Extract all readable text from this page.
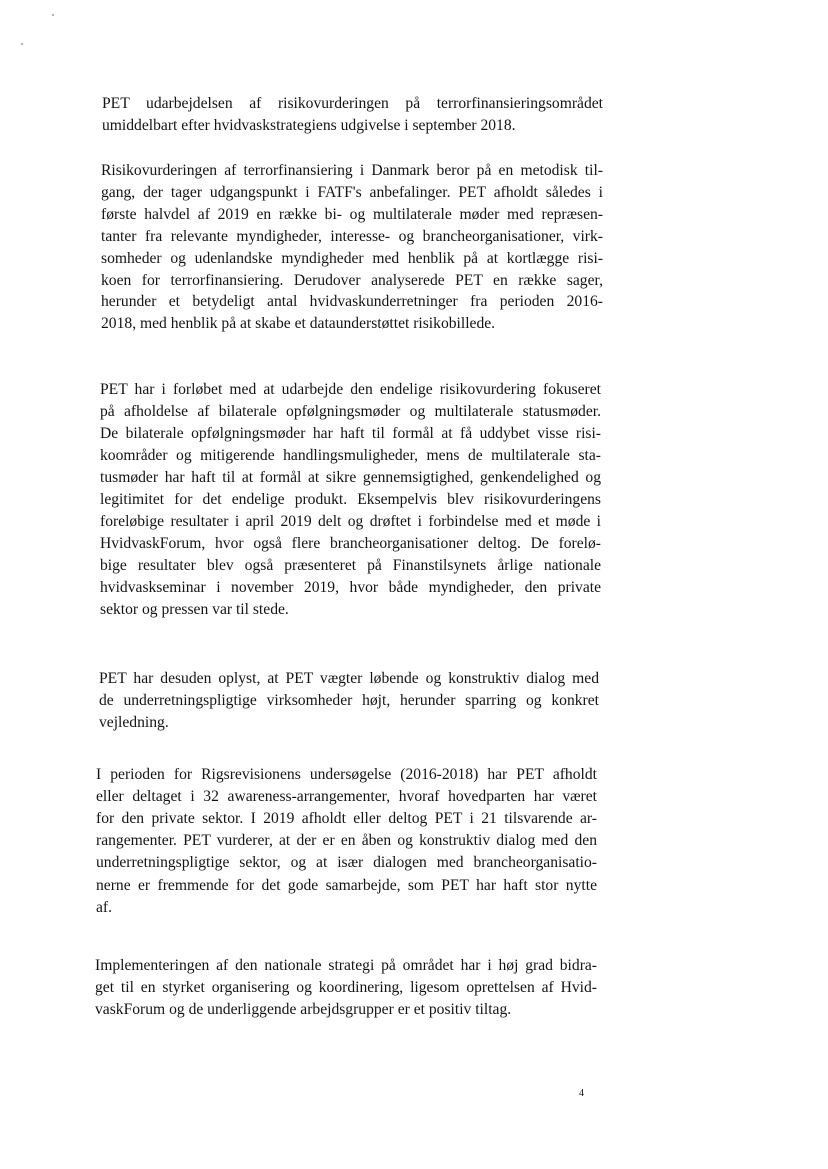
PET udarbejdelsen af risikovurderingen på terrorfinansieringsområdet
umiddelbart efter hvidvaskstrategiens udgivelse i september 2018.
Risikovurderingen af terrorfinansiering i Danmark beror på en metodisk til-
gang, der tager udgangspunkt i FATF's anbefalinger. PET afholdt således i
første halvdel af 2019 en række bi- og multilaterale møder med repræsen-
tanter fra relevante myndigheder, interesse- og brancheorganisationer, virk-
somheder og udenlandske myndigheder med henblik på at kortlægge risi-
koen for terrorfinansiering. Derudover analyserede PET en række sager,
herunder et betydeligt antal hvidvaskunderretninger fra perioden 2016-
2018, med henblik på at skabe et dataunderstøttet risikobillede.
PET har i forløbet med at udarbejde den endelige risikovurdering fokuseret
på afholdelse af bilaterale opfølgningsmøder og multilaterale statusmøder.
De bilaterale opfølgningsmøder har haft til formål at få uddybet visse risi-
koområder og mitigerende handlingsmuligheder, mens de multilaterale sta-
tusmøder har haft til at formål at sikre gennemsigtighed, genkendelighed og
legitimitet for det endelige produkt. Eksempelvis blev risikovurderingens
foreløbige resultater i april 2019 delt og drøftet i forbindelse med et møde i
HvidvaskForum, hvor også flere brancheorganisationer deltog. De forelø-
bige resultater blev også præsenteret på Finanstilsynets årlige nationale
hvidvaskseminar i november 2019, hvor både myndigheder, den private
sektor og pressen var til stede.
PET har desuden oplyst, at PET vægter løbende og konstruktiv dialog med
de underretningspligtige virksomheder højt, herunder sparring og konkret
vejledning.
I perioden for Rigsrevisionens undersøgelse (2016-2018) har PET afholdt
eller deltaget i 32 awareness-arrangementer, hvoraf hovedparten har været
for den private sektor. I 2019 afholdt eller deltog PET i 21 tilsvarende ar-
rangementer. PET vurderer, at der er en åben og konstruktiv dialog med den
underretningspligtige sektor, og at især dialogen med brancheorganisatio-
nerne er fremmende for det gode samarbejde, som PET har haft stor nytte
af.
Implementeringen af den nationale strategi på området har i høj grad bidra-
get til en styrket organisering og koordinering, ligesom oprettelsen af Hvid-
vaskForum og de underliggende arbejdsgrupper er et positiv tiltag.
4
